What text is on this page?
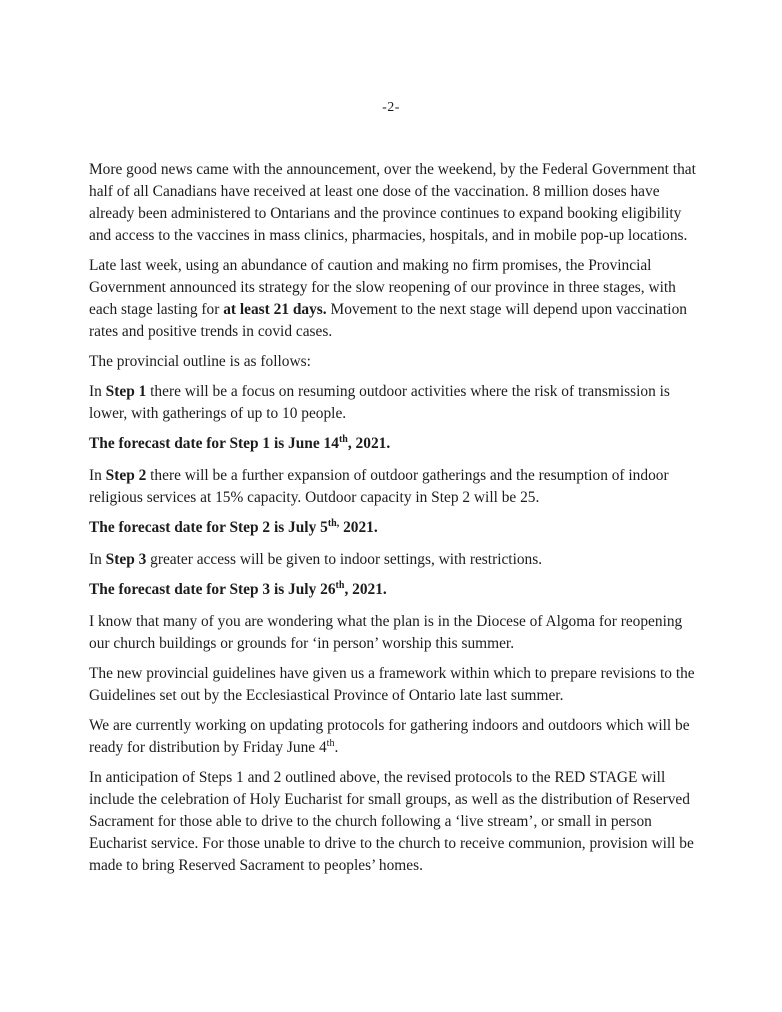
-2-

More good news came with the announcement, over the weekend, by the Federal Government that half of all Canadians have received at least one dose of the vaccination. 8 million doses have already been administered to Ontarians and the province continues to expand booking eligibility and access to the vaccines in mass clinics, pharmacies, hospitals, and in mobile pop-up locations.

Late last week, using an abundance of caution and making no firm promises, the Provincial Government announced its strategy for the slow reopening of our province in three stages, with each stage lasting for at least 21 days. Movement to the next stage will depend upon vaccination rates and positive trends in covid cases.

The provincial outline is as follows:

In Step 1 there will be a focus on resuming outdoor activities where the risk of transmission is lower, with gatherings of up to 10 people.

The forecast date for Step 1 is June 14th, 2021.

In Step 2 there will be a further expansion of outdoor gatherings and the resumption of indoor religious services at 15% capacity. Outdoor capacity in Step 2 will be 25.

The forecast date for Step 2 is July $5^{th,}$ 2021.

In Step 3 greater access will be given to indoor settings, with restrictions.

The forecast date for Step 3 is July 26th, 2021.

I know that many of you are wondering what the plan is in the Diocese of Algoma for reopening our church buildings or grounds for ‘in person’ worship this summer.

The new provincial guidelines have given us a framework within which to prepare revisions to the Guidelines set out by the Ecclesiastical Province of Ontario late last summer.

We are currently working on updating protocols for gathering indoors and outdoors which will be ready for distribution by Friday June 4th.

In anticipation of Steps 1 and 2 outlined above, the revised protocols to the RED STAGE will include the celebration of Holy Eucharist for small groups, as well as the distribution of Reserved Sacrament for those able to drive to the church following a ‘live stream’, or small in person Eucharist service. For those unable to drive to the church to receive communion, provision will be made to bring Reserved Sacrament to peoples’ homes.
